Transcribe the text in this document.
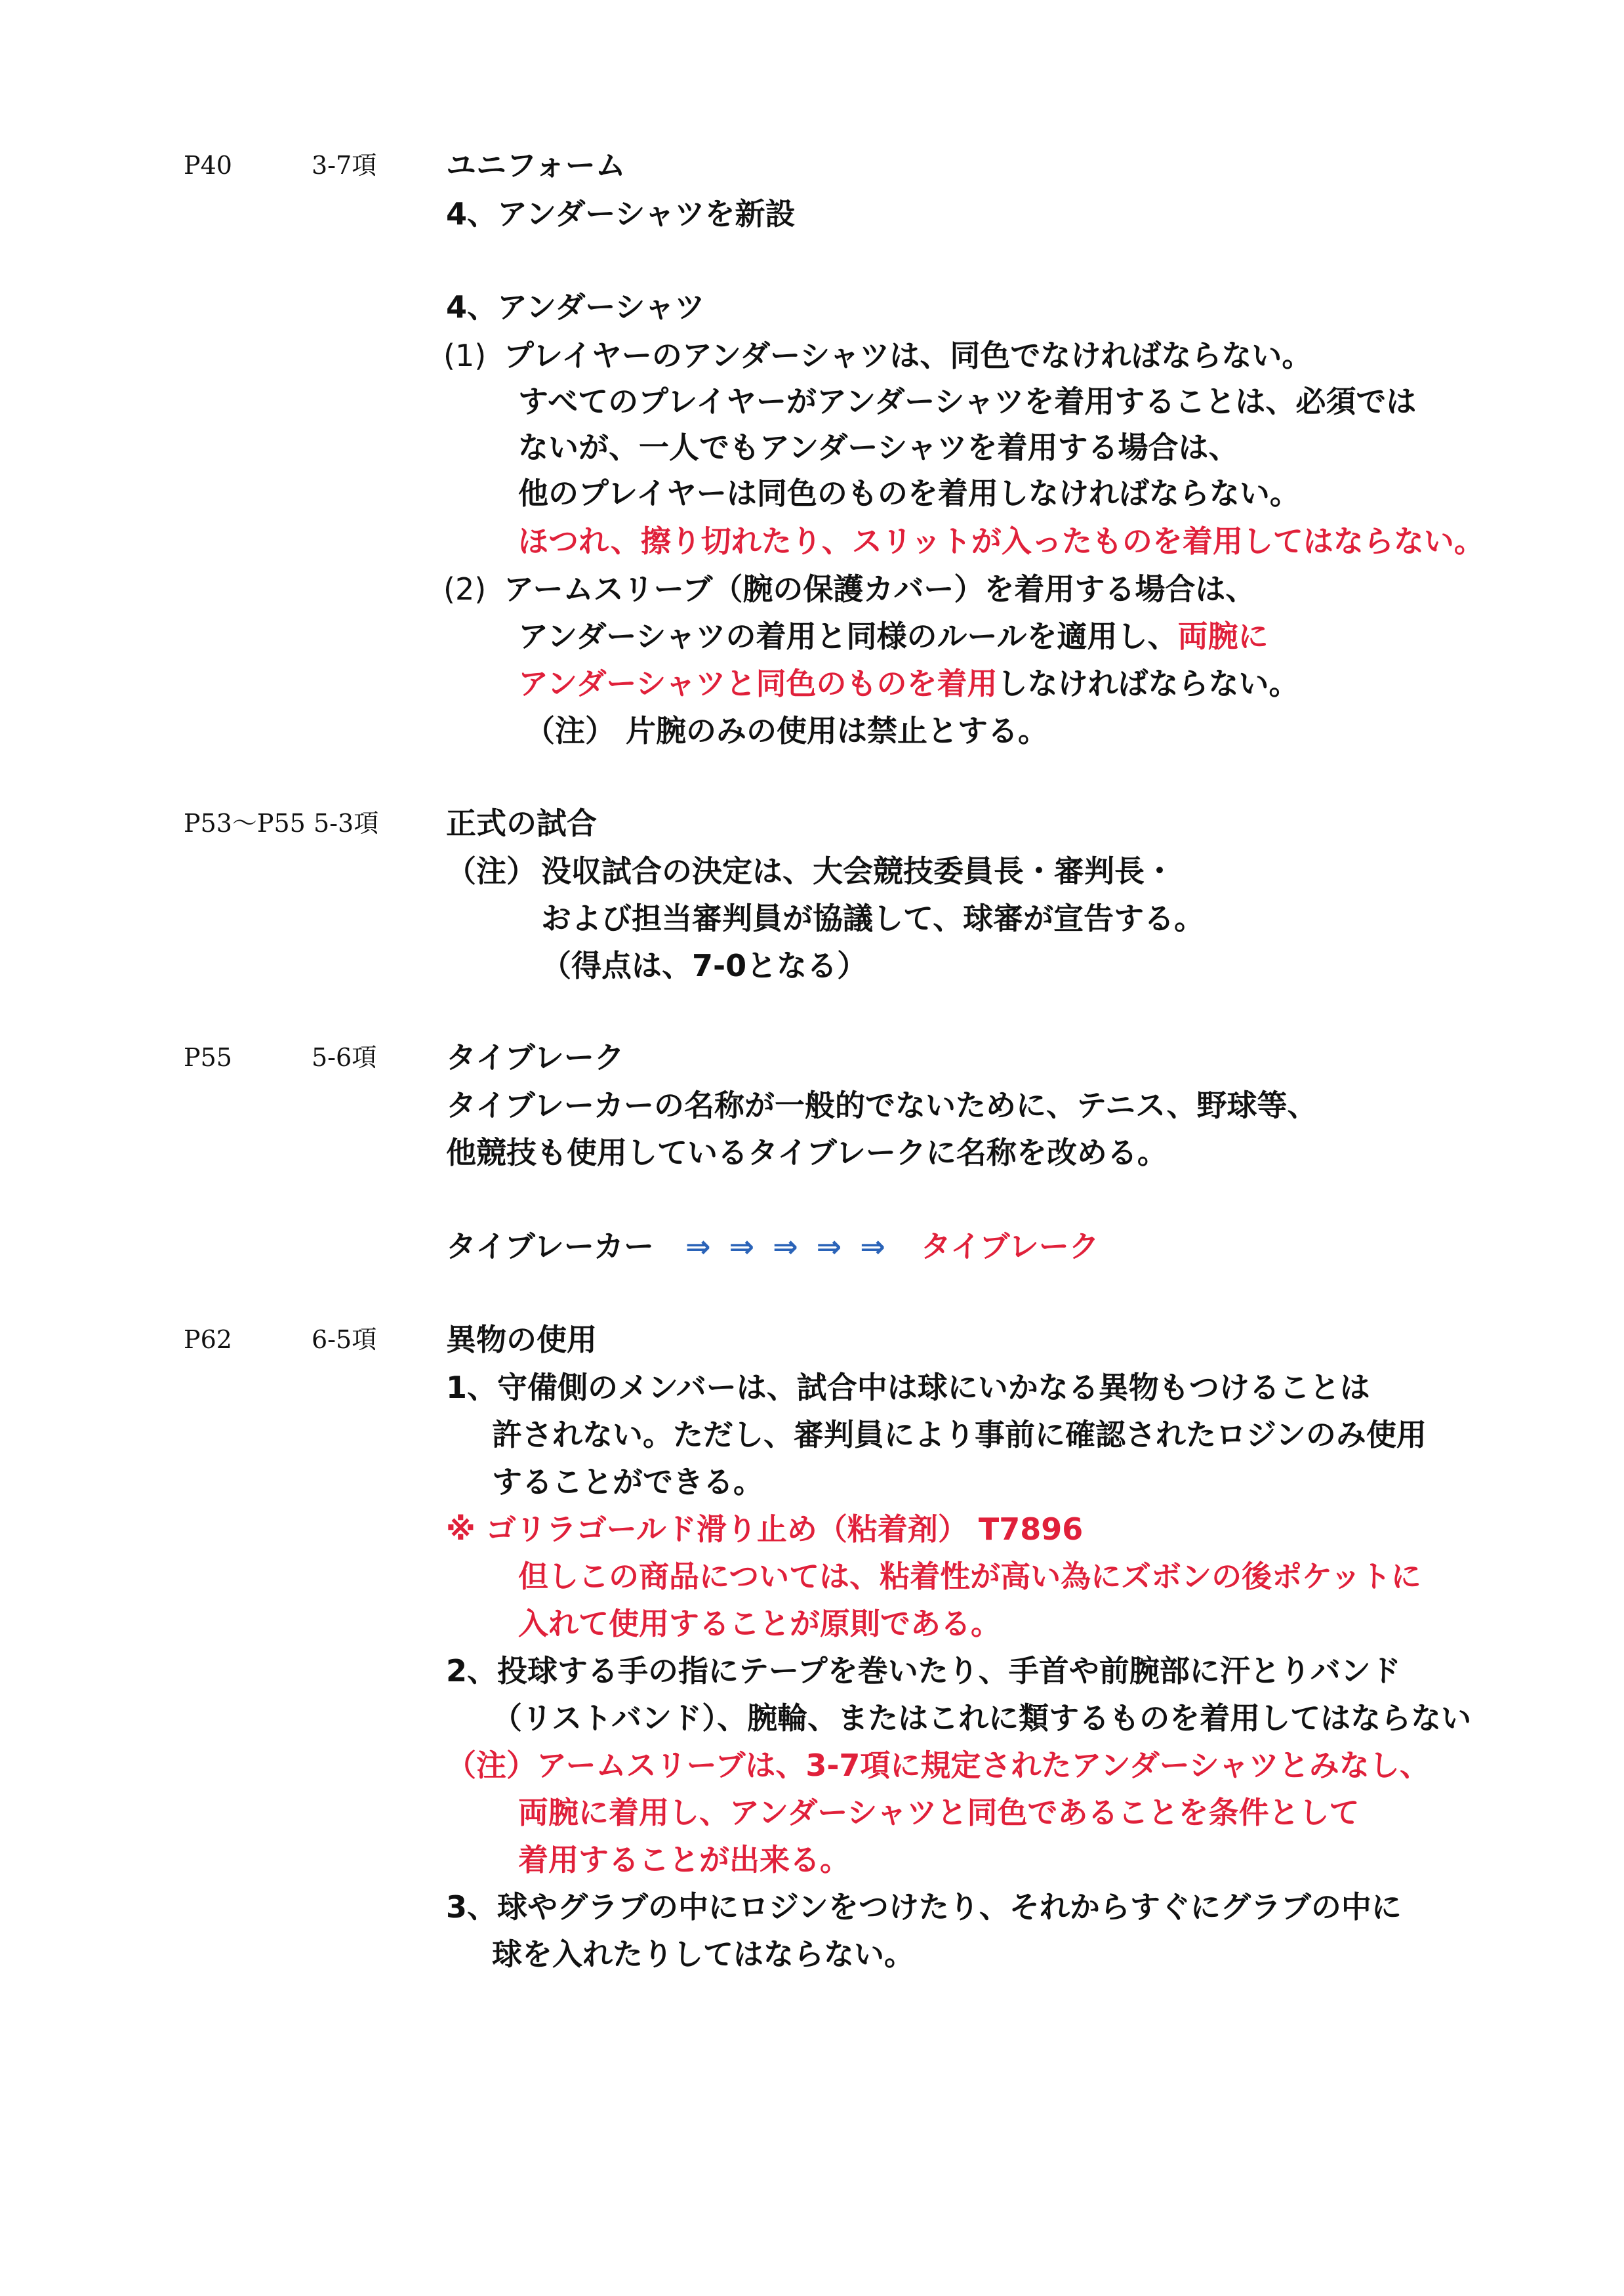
P40	3-7項 ユニフォーム
4、アンダーシャツを新設
4、アンダーシャツ
(1) プレイヤーのアンダーシャツは、同色でなければならない。
すべてのプレイヤーがアンダーシャツを着用することは、必須では
ないが、一人でもアンダーシャツを着用する場合は、
他のプレイヤーは同色のものを着用しなければならない。
ほつれ、擦り切れたり、スリットが入ったものを着用してはならない。
(2) アームスリーブ（腕の保護カバー）を着用する場合は、
アンダーシャツの着用と同様のルールを適用し、両腕に
アンダーシャツと同色のものを着用しなければならない。
（注） 片腕のみの使用は禁止とする。
P53～P55 5-3項 正式の試合
（注） 没収試合の決定は、大会競技委員長・審判長・
および担当審判員が協議して、球審が宣告する。
（得点は、7-0となる）
P55	5-6項 タイブレーク
タイブレーカーの名称が一般的でないために、テニス、野球等、
他競技も使用しているタイブレークに名称を改める。
タイブレーカー ⇒ ⇒ ⇒ ⇒ ⇒ タイブレーク
P62	6-5項 異物の使用
1、守備側のメンバーは、試合中は球にいかなる異物もつけることは
許されない。ただし、審判員により事前に確認されたロジンのみ使用
することができる。
※ ゴリラゴールド滑り止め（粘着剤） T7896
但しこの商品については、粘着性が高い為にズボンの後ポケットに
入れて使用することが原則である。
2、投球する手の指にテープを巻いたり、手首や前腕部に汗とりバンド
（リストバンド）、腕輪、またはこれに類するものを着用してはならない
（注）アームスリーブは、3-7項に規定されたアンダーシャツとみなし、
両腕に着用し、アンダーシャツと同色であることを条件として
着用することが出来る。
3、球やグラブの中にロジンをつけたり、それからすぐにグラブの中に
球を入れたりしてはならない。
